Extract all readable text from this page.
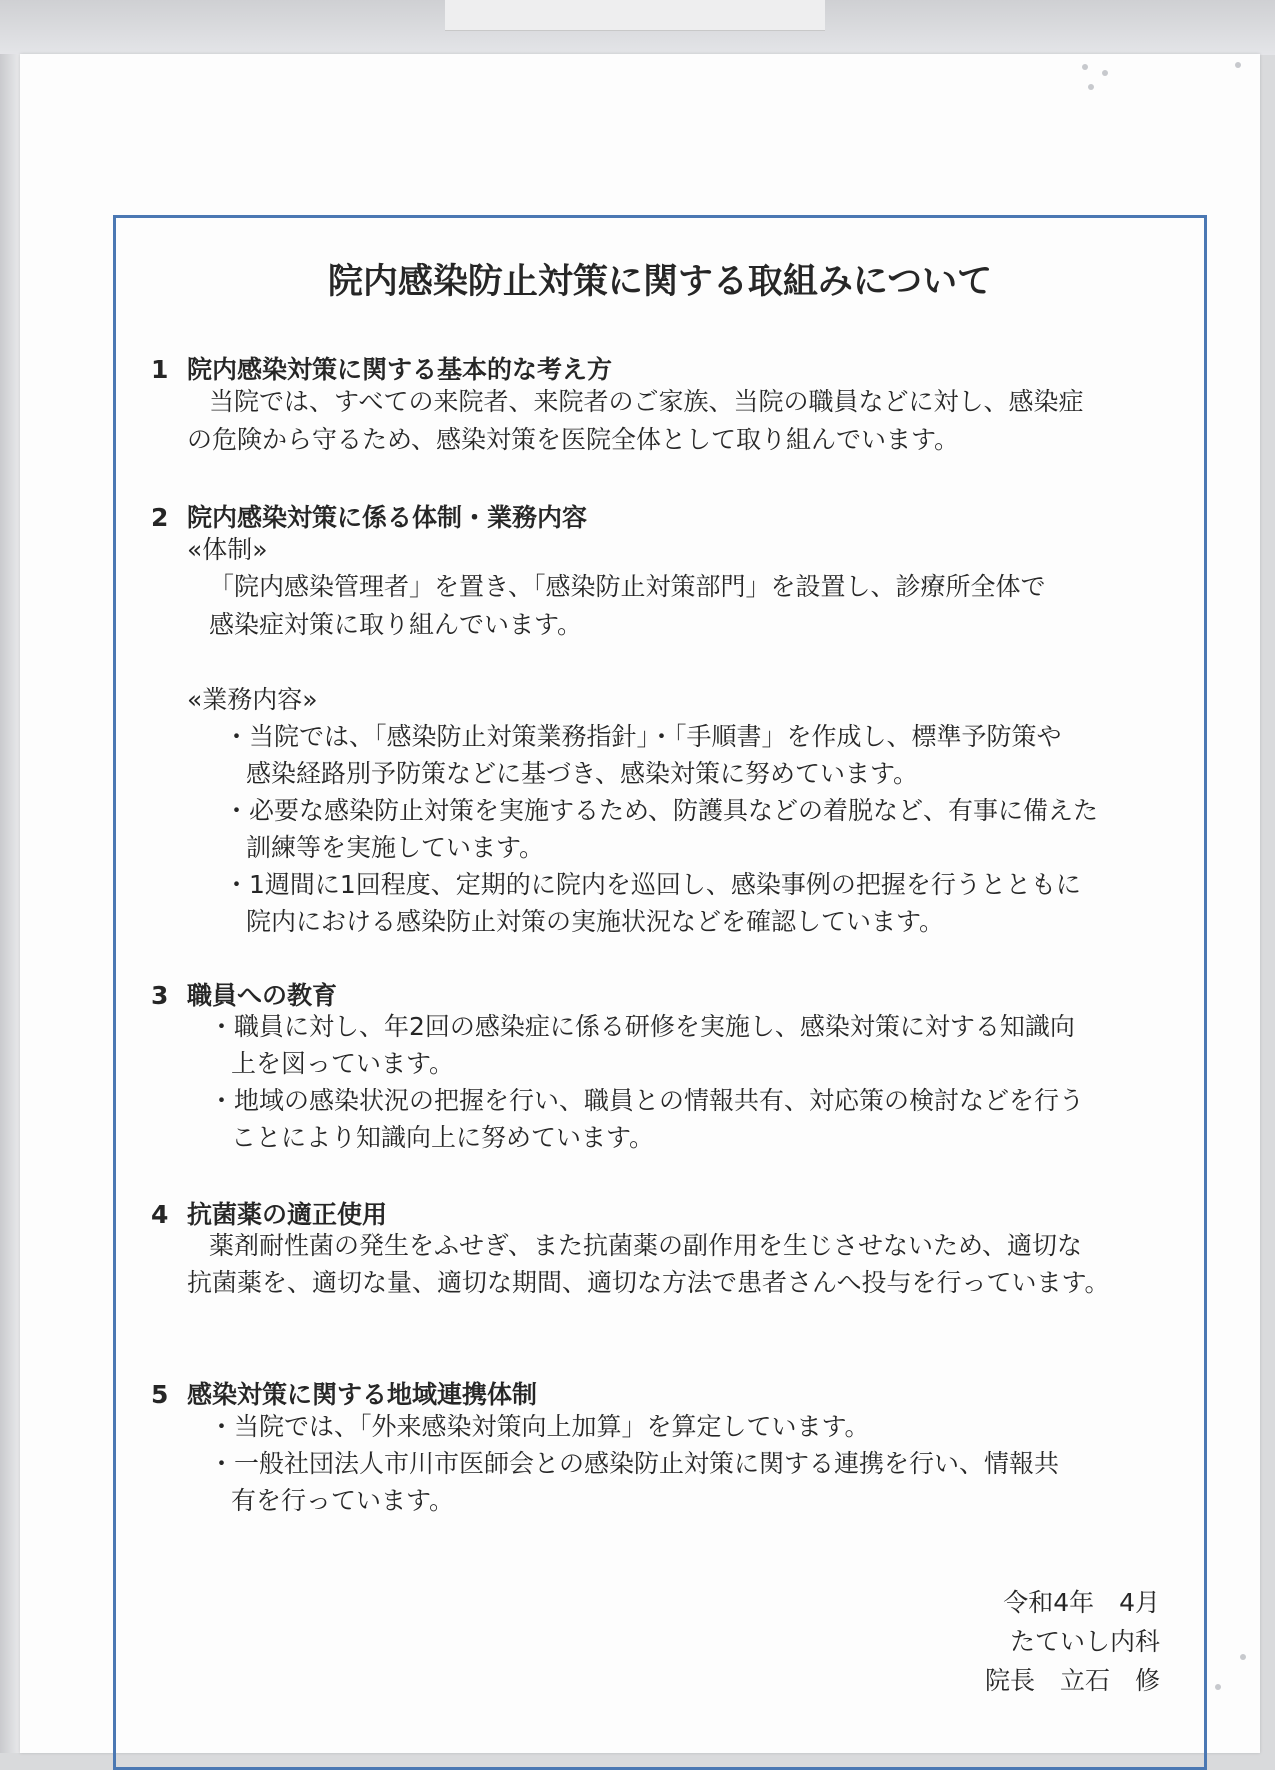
院内感染防止対策に関する取組みについて
1 院内感染対策に関する基本的な考え方
当院では、すべての来院者、来院者のご家族、当院の職員などに対し、感染症
の危険から守るため、感染対策を医院全体として取り組んでいます。
2 院内感染対策に係る体制・業務内容
«体制»
「院内感染管理者」を置き、「感染防止対策部門」を設置し、診療所全体で
感染症対策に取り組んでいます。
«業務内容»
・当院では、「感染防止対策業務指針」・「手順書」を作成し、標準予防策や
感染経路別予防策などに基づき、感染対策に努めています。
・必要な感染防止対策を実施するため、防護具などの着脱など、有事に備えた
訓練等を実施しています。
・1週間に1回程度、定期的に院内を巡回し、感染事例の把握を行うとともに
院内における感染防止対策の実施状況などを確認しています。
3 職員への教育
・職員に対し、年2回の感染症に係る研修を実施し、感染対策に対する知識向
上を図っています。
・地域の感染状況の把握を行い、職員との情報共有、対応策の検討などを行う
ことにより知識向上に努めています。
4 抗菌薬の適正使用
薬剤耐性菌の発生をふせぎ、また抗菌薬の副作用を生じさせないため、適切な
抗菌薬を、適切な量、適切な期間、適切な方法で患者さんへ投与を行っています。
5 感染対策に関する地域連携体制
・当院では、「外来感染対策向上加算」を算定しています。
・一般社団法人市川市医師会との感染防止対策に関する連携を行い、情報共
有を行っています。
令和4年　4月
たていし内科
院長　立石　修
